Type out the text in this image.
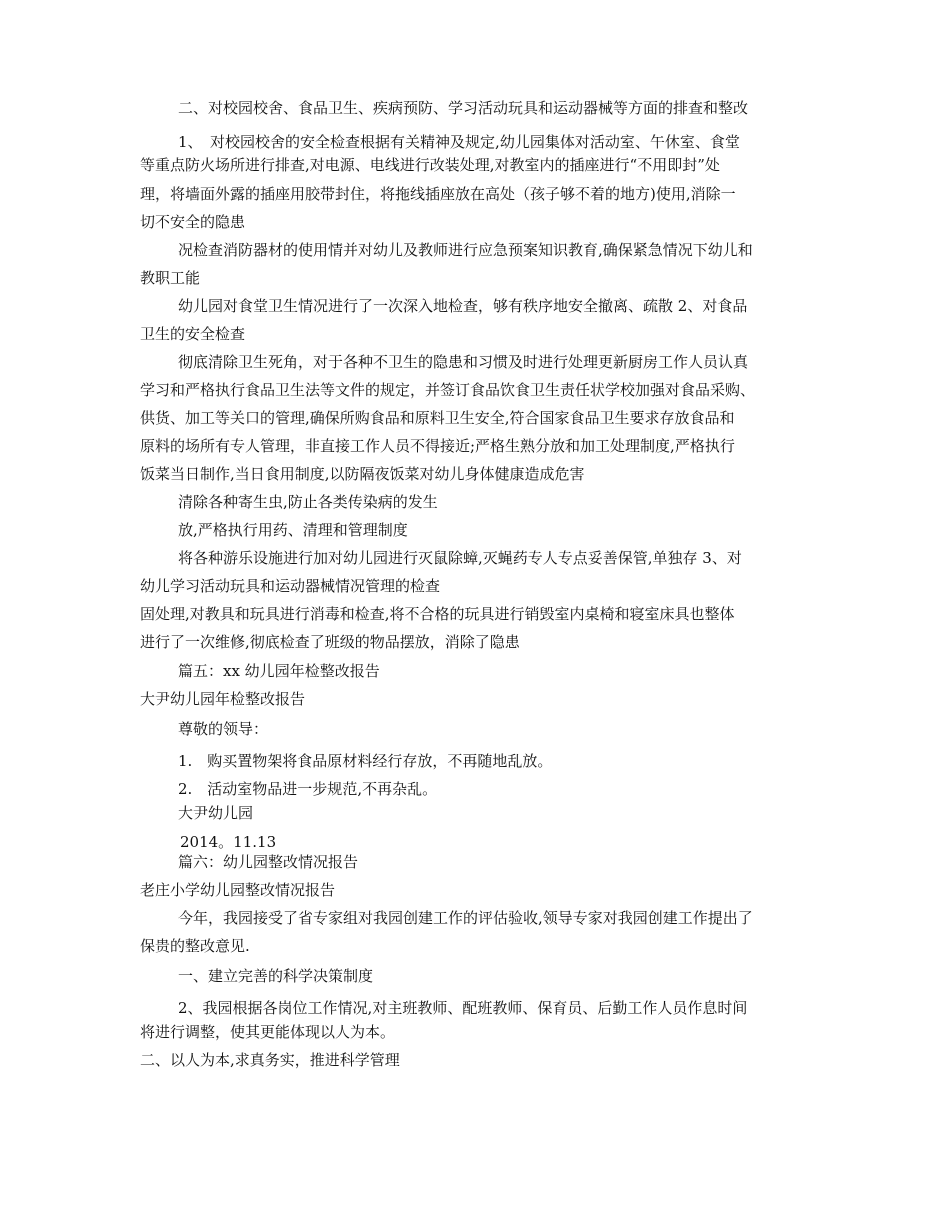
二、对校园校舍、食品卫生、疾病预防、学习活动玩具和运动器械等方面的排查和整改
1、　对校园校舍的安全检查根据有关精神及规定,幼儿园集体对活动室、午休室、食堂
等重点防火场所进行排查,对电源、电线进行改装处理,对教室内的插座进行“不用即封”处
理，将墙面外露的插座用胶带封住，将拖线插座放在高处（孩子够不着的地方)使用,消除一
切不安全的隐患
况检查消防器材的使用情并对幼儿及教师进行应急预案知识教育,确保紧急情况下幼儿和
教职工能
幼儿园对食堂卫生情况进行了一次深入地检查，够有秩序地安全撤离、疏散 2、对食品
卫生的安全检查
彻底清除卫生死角，对于各种不卫生的隐患和习惯及时进行处理更新厨房工作人员认真
学习和严格执行食品卫生法等文件的规定，并签订食品饮食卫生责任状学校加强对食品采购、
供货、加工等关口的管理,确保所购食品和原料卫生安全,符合国家食品卫生要求存放食品和
原料的场所有专人管理，非直接工作人员不得接近;严格生熟分放和加工处理制度,严格执行
饭菜当日制作,当日食用制度,以防隔夜饭菜对幼儿身体健康造成危害
清除各种寄生虫,防止各类传染病的发生
放,严格执行用药、清理和管理制度
将各种游乐设施进行加对幼儿园进行灭鼠除蟑,灭蝇药专人专点妥善保管,单独存 3、对
幼儿学习活动玩具和运动器械情况管理的检查
固处理,对教具和玩具进行消毒和检查,将不合格的玩具进行销毁室内桌椅和寝室床具也整体
进行了一次维修,彻底检查了班级的物品摆放，消除了隐患
篇五：xx 幼儿园年检整改报告
大尹幼儿园年检整改报告
尊敬的领导：
1.　购买置物架将食品原材料经行存放，不再随地乱放。
2.　活动室物品进一步规范,不再杂乱。
大尹幼儿园
2014。11.13
篇六：幼儿园整改情况报告
老庄小学幼儿园整改情况报告
今年，我园接受了省专家组对我园创建工作的评估验收,领导专家对我园创建工作提出了
保贵的整改意见.
一、建立完善的科学决策制度
2、我园根据各岗位工作情况,对主班教师、配班教师、保育员、后勤工作人员作息时间
将进行调整，使其更能体现以人为本。
二、以人为本,求真务实，推进科学管理
